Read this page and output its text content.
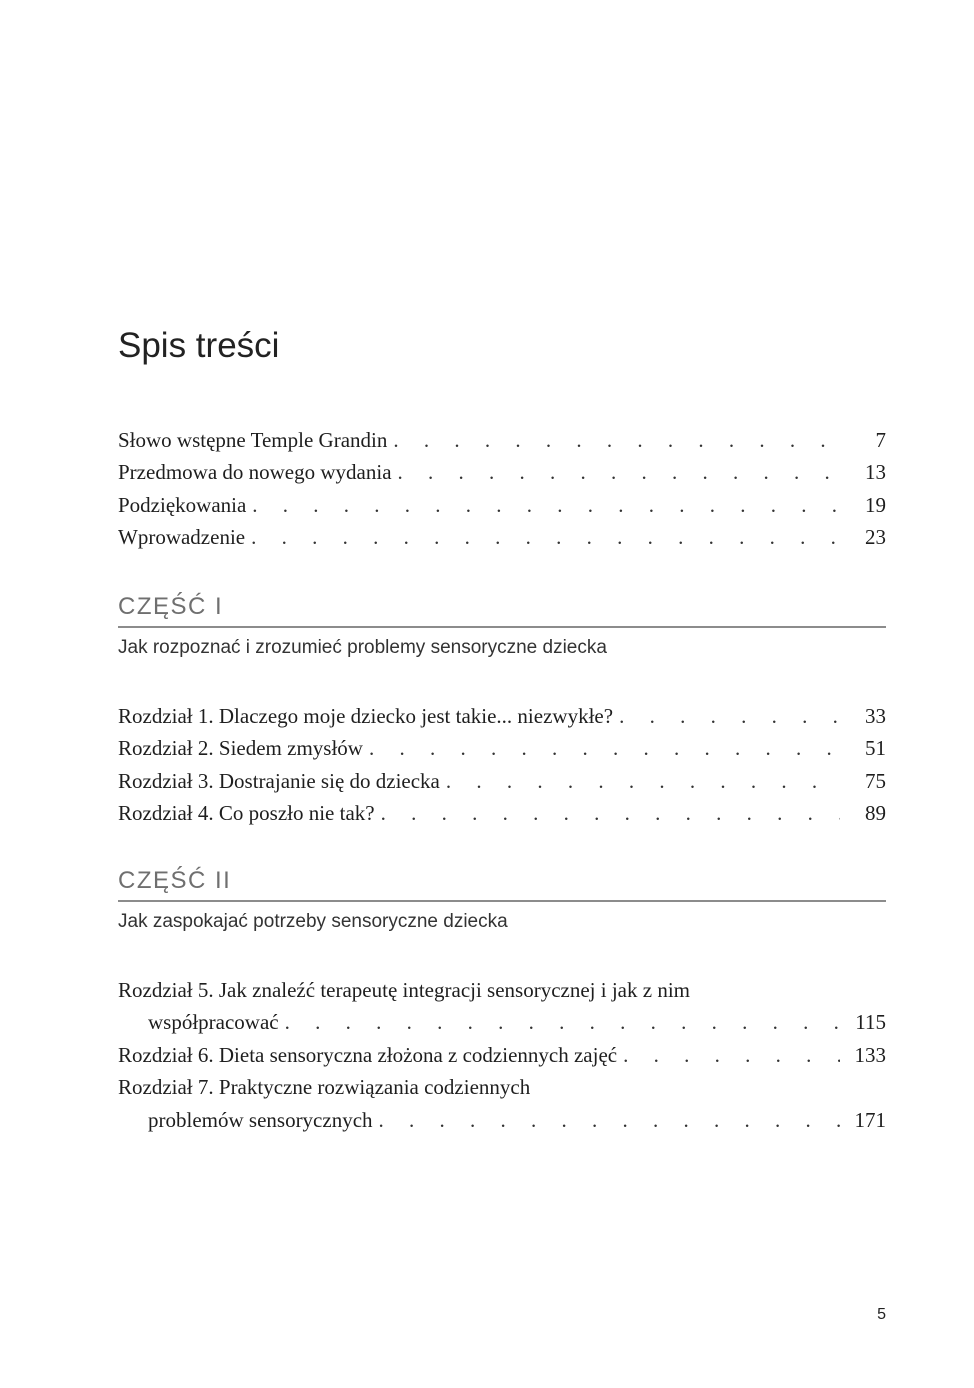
Spis treści
Słowo wstępne Temple Grandin . . .	7
Przedmowa do nowego wydania . . .	13
Podziękowania . . .	19
Wprowadzenie . . .	23
CZĘŚĆ I
Jak rozpoznać i zrozumieć problemy sensoryczne dziecka
Rozdział 1. Dlaczego moje dziecko jest takie... niezwykłe? . . .	33
Rozdział 2. Siedem zmysłów . . .	51
Rozdział 3. Dostrajanie się do dziecka . . .	75
Rozdział 4. Co poszło nie tak? . . .	89
CZĘŚĆ II
Jak zaspokajać potrzeby sensoryczne dziecka
Rozdział 5. Jak znaleźć terapeutę integracji sensorycznej i jak z nim
współpracować . . .	115
Rozdział 6. Dieta sensoryczna złożona z codziennych zajęć . . .	133
Rozdział 7. Praktyczne rozwiązania codziennych
problemów sensorycznych . . .	171
5
